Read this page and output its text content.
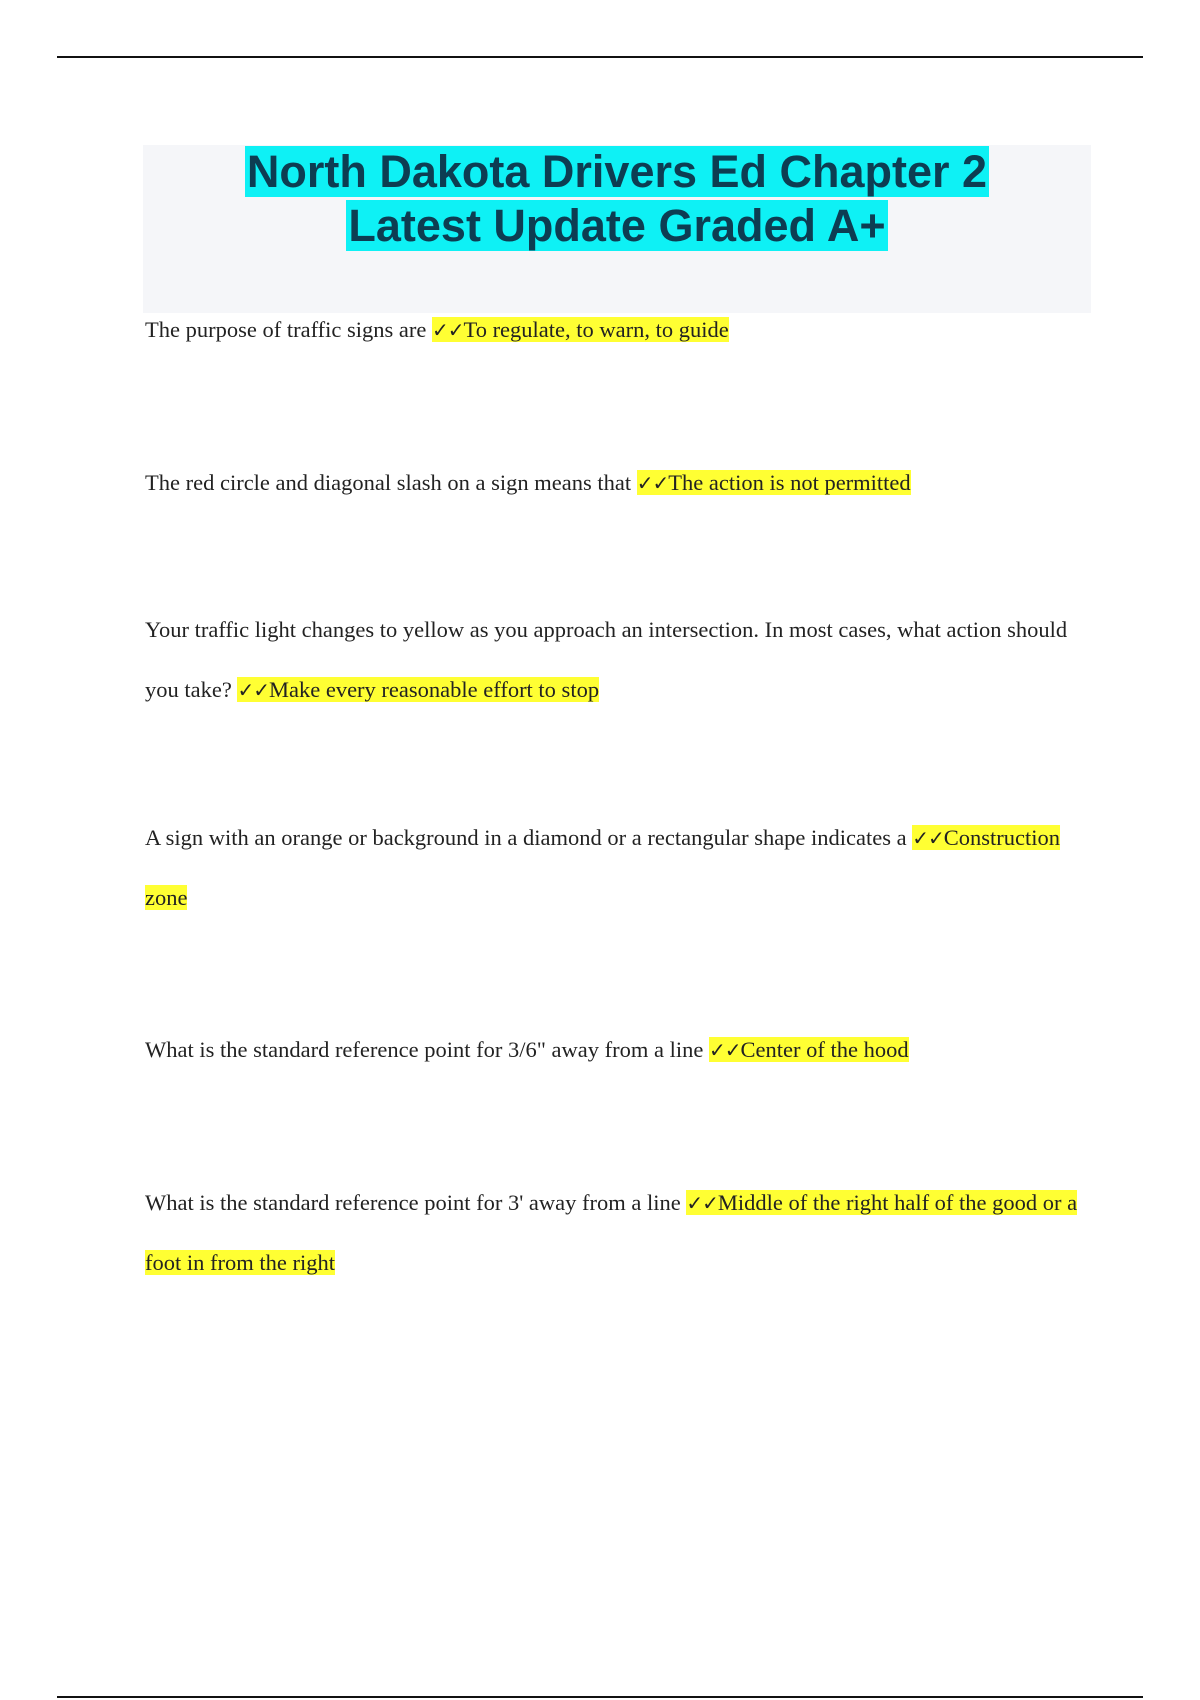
North Dakota Drivers Ed Chapter 2
Latest Update Graded A+

The purpose of traffic signs are ✓✓To regulate, to warn, to guide

The red circle and diagonal slash on a sign means that ✓✓The action is not permitted

Your traffic light changes to yellow as you approach an intersection. In most cases, what action should you take? ✓✓Make every reasonable effort to stop

A sign with an orange or background in a diamond or a rectangular shape indicates a ✓✓Construction zone

What is the standard reference point for 3/6" away from a line ✓✓Center of the hood

What is the standard reference point for 3' away from a line ✓✓Middle of the right half of the good or a foot in from the right
